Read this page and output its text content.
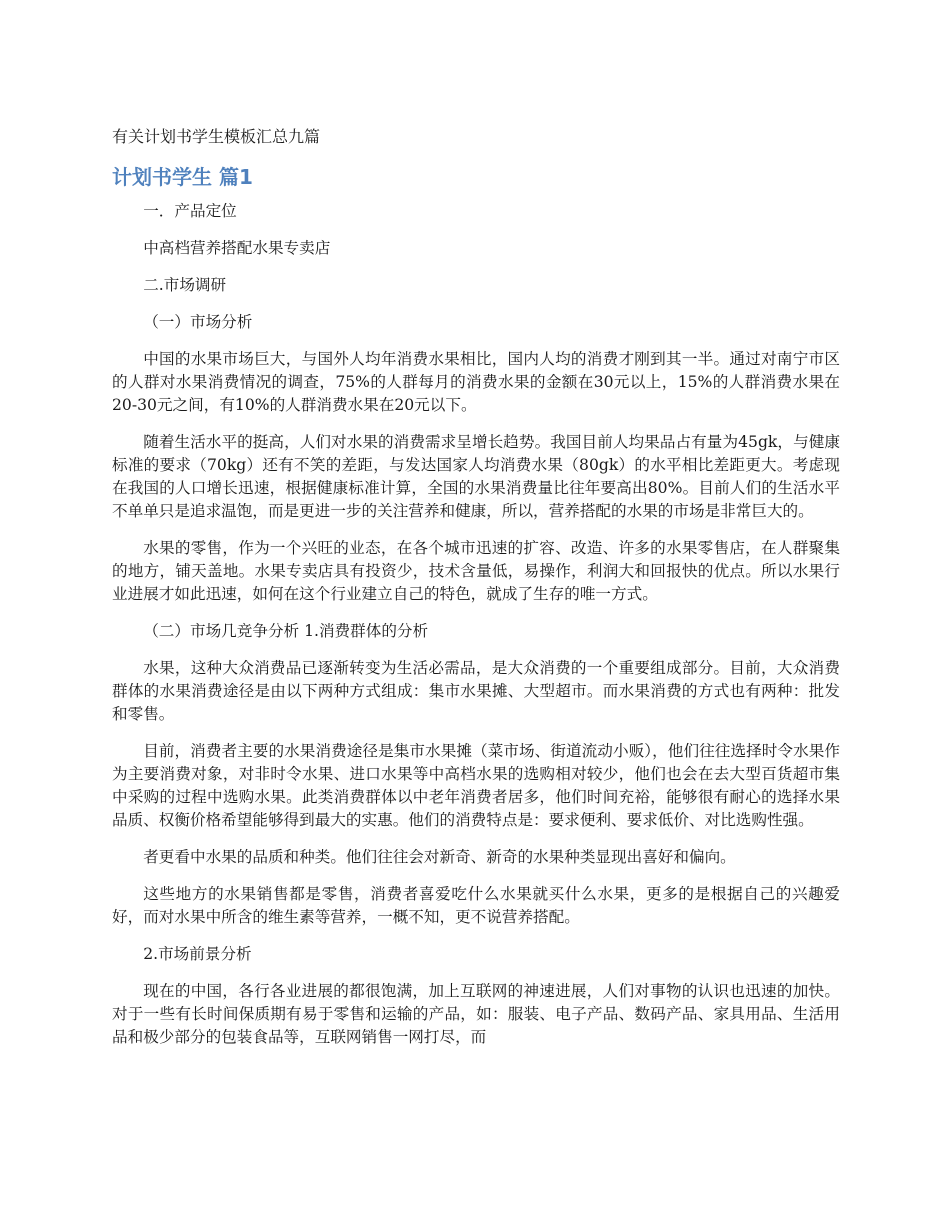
有关计划书学生模板汇总九篇
计划书学生 篇1

一．产品定位

中高档营养搭配水果专卖店

二.市场调研

（一）市场分析

中国的水果市场巨大，与国外人均年消费水果相比，国内人均的消费才刚到其一半。通过对南宁市区的人群对水果消费情况的调查，75%的人群每月的消费水果的金额在30元以上，15%的人群消费水果在20-30元之间，有10%的人群消费水果在20元以下。

随着生活水平的挺高，人们对水果的消费需求呈增长趋势。我国目前人均果品占有量为45gk，与健康标准的要求（70kg）还有不笑的差距，与发达国家人均消费水果（80gk）的水平相比差距更大。考虑现在我国的人口增长迅速，根据健康标准计算，全国的水果消费量比往年要高出80%。目前人们的生活水平不单单只是追求温饱，而是更进一步的关注营养和健康，所以，营养搭配的水果的市场是非常巨大的。

水果的零售，作为一个兴旺的业态，在各个城市迅速的扩容、改造、许多的水果零售店，在人群聚集的地方，铺天盖地。水果专卖店具有投资少，技术含量低，易操作，利润大和回报快的优点。所以水果行业进展才如此迅速，如何在这个行业建立自己的特色，就成了生存的唯一方式。

（二）市场几竞争分析 1.消费群体的分析

水果，这种大众消费品已逐渐转变为生活必需品，是大众消费的一个重要组成部分。目前，大众消费群体的水果消费途径是由以下两种方式组成：集市水果摊、大型超市。而水果消费的方式也有两种：批发和零售。

目前，消费者主要的水果消费途径是集市水果摊（菜市场、街道流动小贩），他们往往选择时令水果作为主要消费对象，对非时令水果、进口水果等中高档水果的选购相对较少，他们也会在去大型百货超市集中采购的过程中选购水果。此类消费群体以中老年消费者居多，他们时间充裕，能够很有耐心的选择水果品质、权衡价格希望能够得到最大的实惠。他们的消费特点是：要求便利、要求低价、对比选购性强。

者更看中水果的品质和种类。他们往往会对新奇、新奇的水果种类显现出喜好和偏向。

这些地方的水果销售都是零售，消费者喜爱吃什么水果就买什么水果，更多的是根据自己的兴趣爱好，而对水果中所含的维生素等营养，一概不知，更不说营养搭配。

2.市场前景分析

现在的中国，各行各业进展的都很饱满，加上互联网的神速进展，人们对事物的认识也迅速的加快。对于一些有长时间保质期有易于零售和运输的产品，如：服装、电子产品、数码产品、家具用品、生活用品和极少部分的包装食品等，互联网销售一网打尽，而
